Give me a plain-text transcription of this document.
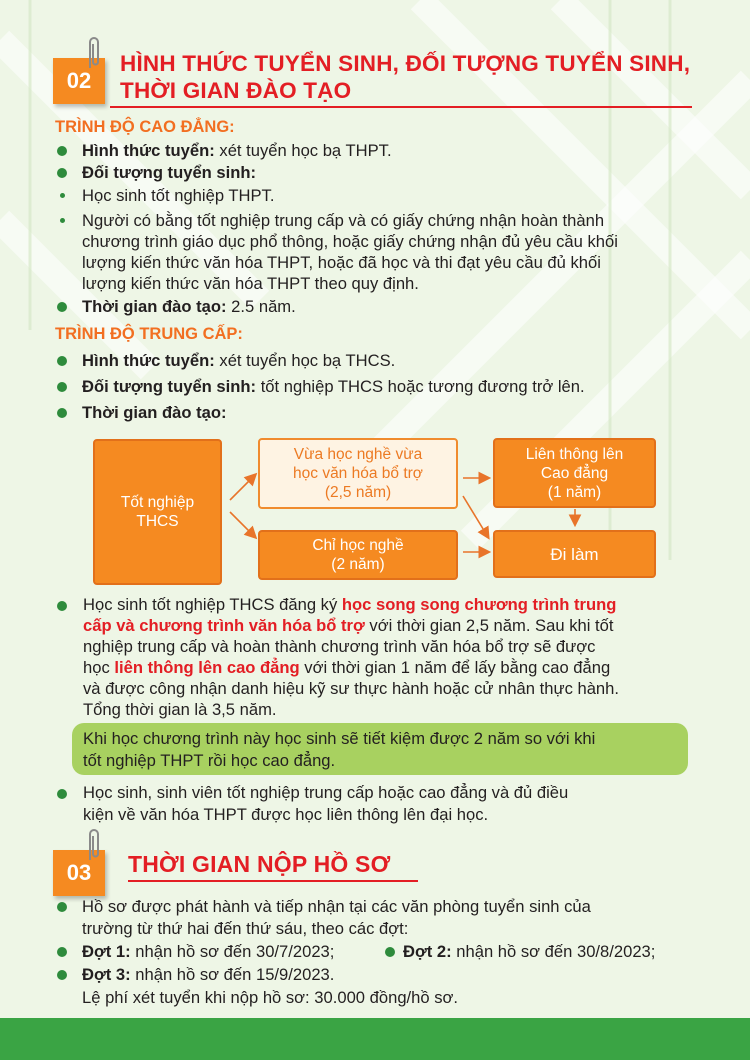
02
HÌNH THỨC TUYỂN SINH, ĐỐI TƯỢNG TUYỂN SINH,
THỜI GIAN ĐÀO TẠO
TRÌNH ĐỘ CAO ĐẲNG:
Hình thức tuyển: xét tuyển học bạ THPT.
Đối tượng tuyển sinh:
Học sinh tốt nghiệp THPT.
Người có bằng tốt nghiệp trung cấp và có giấy chứng nhận hoàn thành
chương trình giáo dục phổ thông, hoặc giấy chứng nhận đủ yêu cầu khối
lượng kiến thức văn hóa THPT, hoặc đã học và thi đạt yêu cầu đủ khối
lượng kiến thức văn hóa THPT theo quy định.
Thời gian đào tạo: 2.5 năm.
TRÌNH ĐỘ TRUNG CẤP:
Hình thức tuyển: xét tuyển học bạ THCS.
Đối tượng tuyển sinh: tốt nghiệp THCS hoặc tương đương trở lên.
Thời gian đào tạo:
Tốt nghiệp THCS
Vừa học nghề vừa
học văn hóa bổ trợ
(2,5 năm)
Chỉ học nghề
(2 năm)
Liên thông lên
Cao đẳng
(1 năm)
Đi làm
Học sinh tốt nghiệp THCS đăng ký học song song chương trình trung
cấp và chương trình văn hóa bổ trợ với thời gian 2,5 năm. Sau khi tốt
nghiệp trung cấp và hoàn thành chương trình văn hóa bổ trợ sẽ được
học liên thông lên cao đẳng với thời gian 1 năm để lấy bằng cao đẳng
và được công nhận danh hiệu kỹ sư thực hành hoặc cử nhân thực hành.
Tổng thời gian là 3,5 năm.
Khi học chương trình này học sinh sẽ tiết kiệm được 2 năm so với khi
tốt nghiệp THPT rồi học cao đẳng.
Học sinh, sinh viên tốt nghiệp trung cấp hoặc cao đẳng và đủ điều
kiện về văn hóa THPT được học liên thông lên đại học.
03 THỜI GIAN NỘP HỒ SƠ
Hồ sơ được phát hành và tiếp nhận tại các văn phòng tuyển sinh của
trường từ thứ hai đến thứ sáu, theo các đợt:
Đợt 1: nhận hồ sơ đến 30/7/2023;	Đợt 2: nhận hồ sơ đến 30/8/2023;
Đợt 3: nhận hồ sơ đến 15/9/2023.
Lệ phí xét tuyển khi nộp hồ sơ: 30.000 đồng/hồ sơ.
